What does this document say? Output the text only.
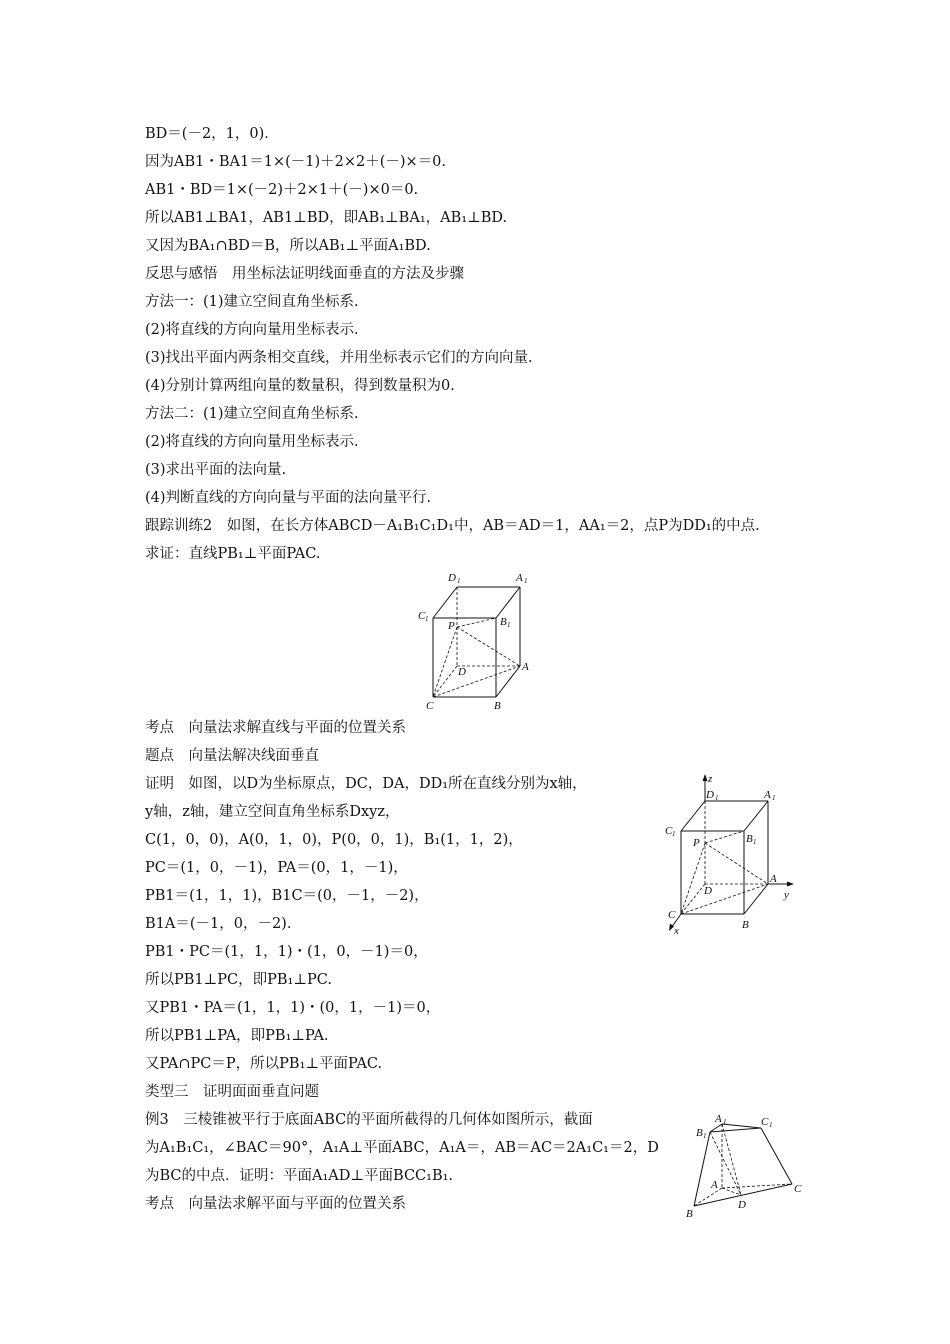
BD＝(－2，1，0)．
因为AB1・BA1＝1×(－1)＋2×2＋(－)×＝0.
AB1・BD＝1×(－2)＋2×1＋(－)×0＝0.
所以AB1⊥BA1，AB1⊥BD，即AB₁⊥BA₁，AB₁⊥BD.
又因为BA₁∩BD＝B，所以AB₁⊥平面A₁BD.
反思与感悟　用坐标法证明线面垂直的方法及步骤
方法一：(1)建立空间直角坐标系.
(2)将直线的方向向量用坐标表示.
(3)找出平面内两条相交直线，并用坐标表示它们的方向向量.
(4)分别计算两组向量的数量积，得到数量积为0.
方法二：(1)建立空间直角坐标系.
(2)将直线的方向向量用坐标表示.
(3)求出平面的法向量.
(4)判断直线的方向向量与平面的法向量平行.
跟踪训练2　如图，在长方体ABCD－A₁B₁C₁D₁中，AB＝AD＝1，AA₁＝2，点P为DD₁的中点.
求证：直线PB₁⊥平面PAC.
考点　向量法求解直线与平面的位置关系
题点　向量法解决线面垂直
证明　如图，以D为坐标原点，DC，DA，DD₁所在直线分别为x轴，
y轴，z轴，建立空间直角坐标系Dxyz，
C(1，0，0)，A(0，1，0)，P(0，0，1)，B₁(1，1，2)，
PC＝(1，0，－1)，PA＝(0，1，－1)，
PB1＝(1，1，1)，B1C＝(0，－1，－2)，
B1A＝(－1，0，－2)．
PB1・PC＝(1，1，1)・(1，0，－1)＝0，
所以PB1⊥PC，即PB₁⊥PC.
又PB1・PA＝(1，1，1)・(0，1，－1)＝0，
所以PB1⊥PA，即PB₁⊥PA.
又PA∩PC＝P，所以PB₁⊥平面PAC.
类型三　证明面面垂直问题
例3　三棱锥被平行于底面ABC的平面所截得的几何体如图所示，截面
为A₁B₁C₁，∠BAC＝90°，A₁A⊥平面ABC，A₁A＝，AB＝AC＝2A₁C₁＝2，D
为BC的中点．证明：平面A₁AD⊥平面BCC₁B₁.
考点　向量法求解平面与平面的位置关系
D 1	A 1
C 1	B 1
P
D	A
C	B
z
y
x
D 1	A 1
C 1	B 1
P
D
A
C
B
A 1	C 1
B 1
A
D
C
B
